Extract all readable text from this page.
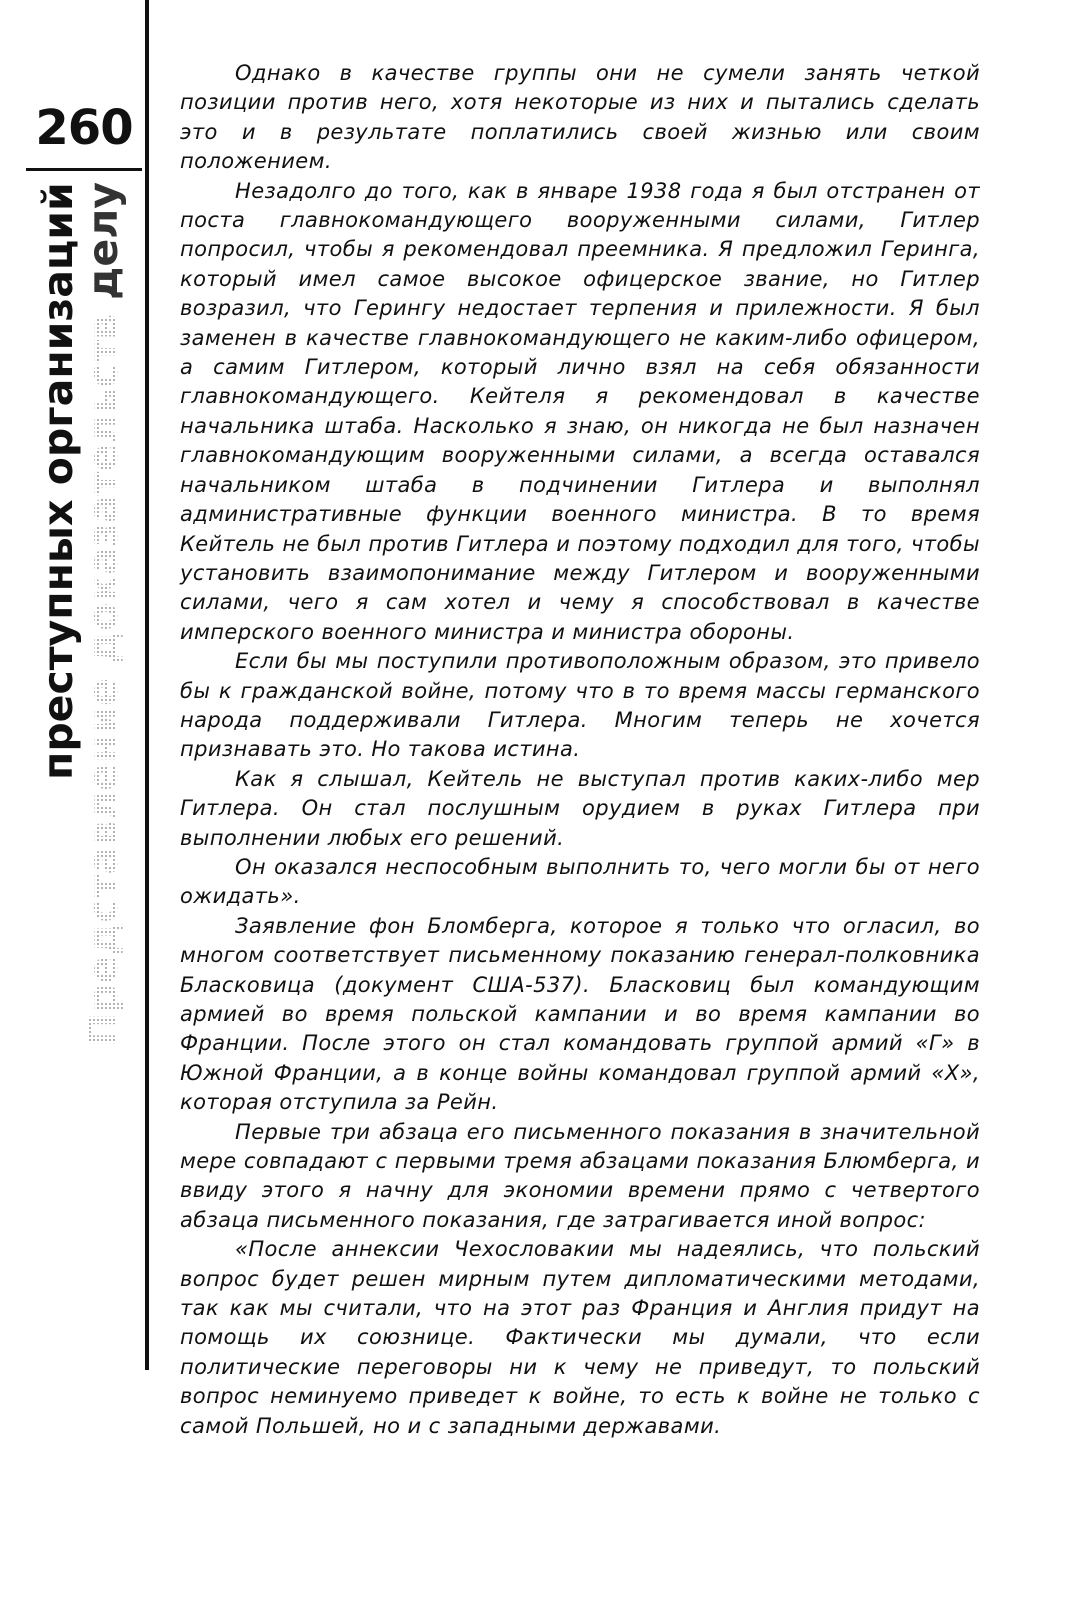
260
Представление доказательств делу
преступных организаций

Однако в качестве группы они не сумели занять четкой позиции против него, хотя некоторые из них и пытались сделать это и в результате поплатились своей жизнью или своим положением.

Незадолго до того, как в январе 1938 года я был отстранен от поста главнокомандующего вооруженными силами, Гитлер попросил, чтобы я рекомендовал преемника. Я предложил Геринга, который имел самое высокое офицерское звание, но Гитлер возразил, что Герингу недостает терпения и прилежности. Я был заменен в качестве главнокомандующего не каким-либо офицером, а самим Гитлером, который лично взял на себя обязанности главнокомандующего. Кейтеля я рекомендовал в качестве начальника штаба. Насколько я знаю, он никогда не был назначен главнокомандующим вооруженными силами, а всегда оставался начальником штаба в подчинении Гитлера и выполнял административные функции военного министра. В то время Кейтель не был против Гитлера и поэтому подходил для того, чтобы установить взаимопонимание между Гитлером и вооруженными силами, чего я сам хотел и чему я способствовал в качестве имперского военного министра и министра обороны.

Если бы мы поступили противоположным образом, это привело бы к гражданской войне, потому что в то время массы германского народа поддерживали Гитлера. Многим теперь не хочется признавать это. Но такова истина.

Как я слышал, Кейтель не выступал против каких-либо мер Гитлера. Он стал послушным орудием в руках Гитлера при выполнении любых его решений.

Он оказался неспособным выполнить то, чего могли бы от него ожидать».

Заявление фон Бломберга, которое я только что огласил, во многом соответствует письменному показанию генерал-полковника Бласковица (документ США-537). Бласковиц был командующим армией во время польской кампании и во время кампании во Франции. После этого он стал командовать группой армий «Г» в Южной Франции, а в конце войны командовал группой армий «Х», которая отступила за Рейн.

Первые три абзаца его письменного показания в значительной мере совпадают с первыми тремя абзацами показания Блюмберга, и ввиду этого я начну для экономии времени прямо с четвертого абзаца письменного показания, где затрагивается иной вопрос:

«После аннексии Чехословакии мы надеялись, что польский вопрос будет решен мирным путем дипломатическими методами, так как мы считали, что на этот раз Франция и Англия придут на помощь их союзнице. Фактически мы думали, что если политические переговоры ни к чему не приведут, то польский вопрос неминуемо приведет к войне, то есть к войне не только с самой Польшей, но и с западными державами.
